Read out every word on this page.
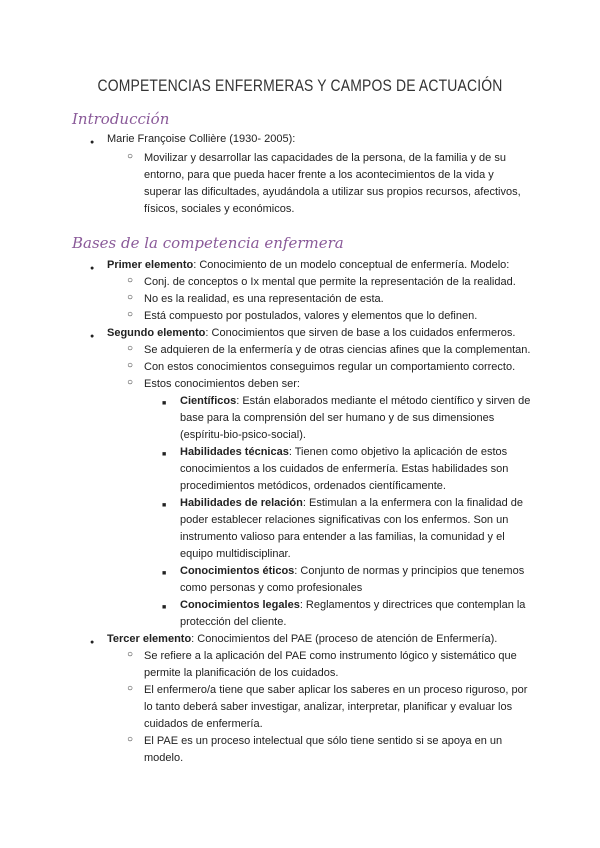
COMPETENCIAS ENFERMERAS Y CAMPOS DE ACTUACIÓN
Introducción
●
Marie Françoise Collière (1930- 2005):
○
Movilizar y desarrollar las capacidades de la persona, de la familia y de su
entorno, para que pueda hacer frente a los acontecimientos de la vida y
superar las dificultades, ayudándola a utilizar sus propios recursos, afectivos,
físicos, sociales y económicos.
Bases de la competencia enfermera
●
Primer elemento: Conocimiento de un modelo conceptual de enfermería. Modelo:
○
Conj. de conceptos o Ix mental que permite la representación de la realidad.
○
No es la realidad, es una representación de esta.
○
Está compuesto por postulados, valores y elementos que lo definen.
●
Segundo elemento: Conocimientos que sirven de base a los cuidados enfermeros.
○
Se adquieren de la enfermería y de otras ciencias afines que la complementan.
○
Con estos conocimientos conseguimos regular un comportamiento correcto.
○
Estos conocimientos deben ser:
■
Científicos: Están elaborados mediante el método científico y sirven de
base para la comprensión del ser humano y de sus dimensiones
(espíritu-bio-psico-social).
■
Habilidades técnicas: Tienen como objetivo la aplicación de estos
conocimientos a los cuidados de enfermería. Estas habilidades son
procedimientos metódicos, ordenados científicamente.
■
Habilidades de relación: Estimulan a la enfermera con la finalidad de
poder establecer relaciones significativas con los enfermos. Son un
instrumento valioso para entender a las familias, la comunidad y el
equipo multidisciplinar.
■
Conocimientos éticos: Conjunto de normas y principios que tenemos
como personas y como profesionales
■
Conocimientos legales: Reglamentos y directrices que contemplan la
protección del cliente.
●
Tercer elemento: Conocimientos del PAE (proceso de atención de Enfermería).
○
Se refiere a la aplicación del PAE como instrumento lógico y sistemático que
permite la planificación de los cuidados.
○
El enfermero/a tiene que saber aplicar los saberes en un proceso riguroso, por
lo tanto deberá saber investigar, analizar, interpretar, planificar y evaluar los
cuidados de enfermería.
○
El PAE es un proceso intelectual que sólo tiene sentido si se apoya en un
modelo.
